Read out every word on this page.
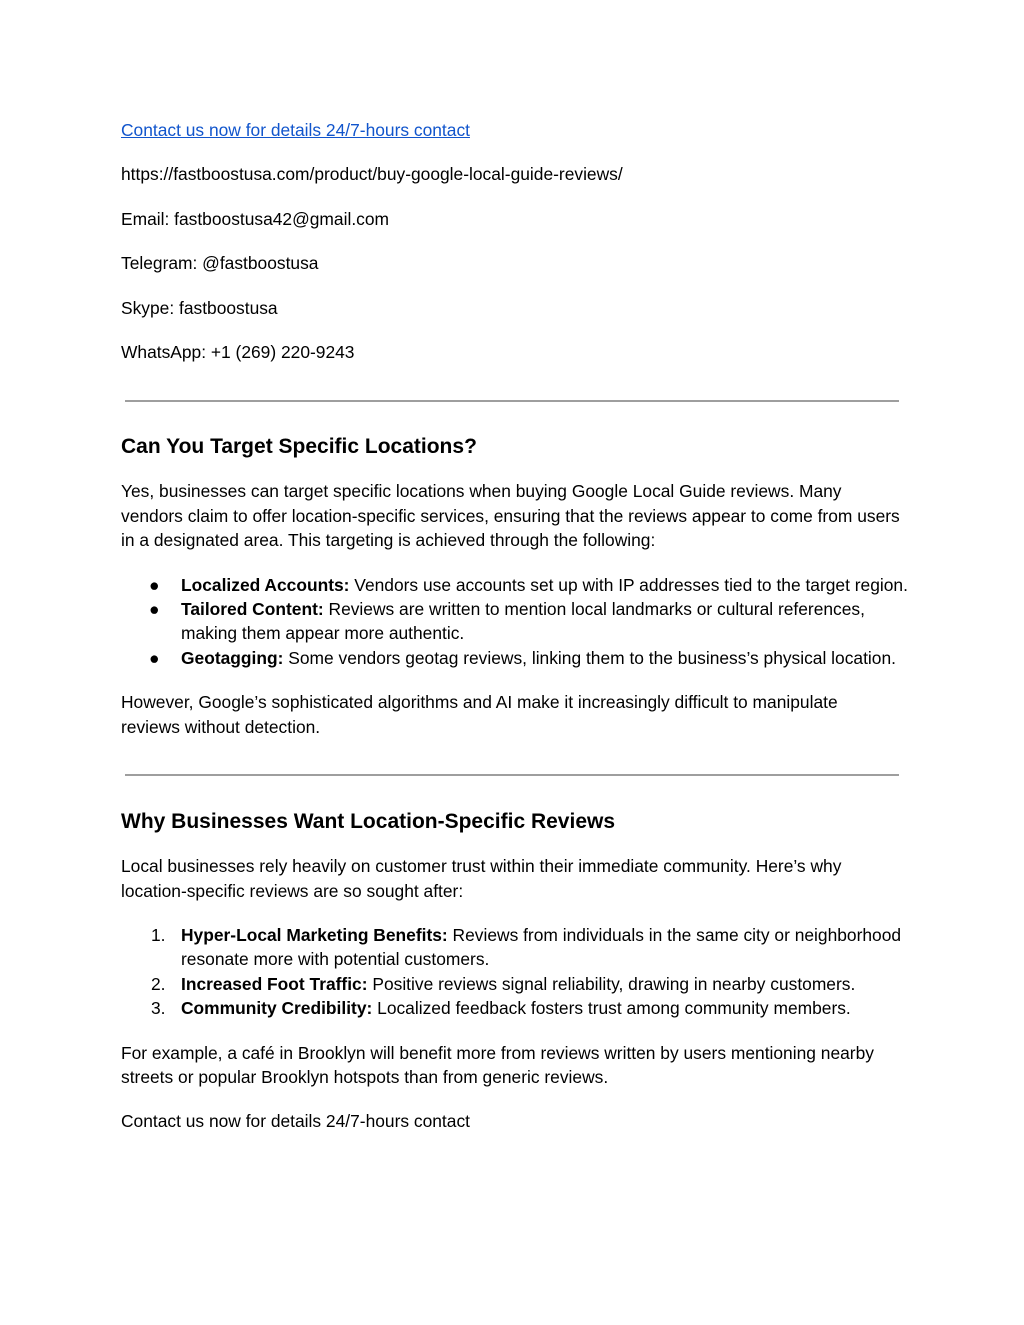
Contact us now for details 24/7-hours contact

https://fastboostusa.com/product/buy-google-local-guide-reviews/

Email: fastboostusa42@gmail.com

Telegram: @fastboostusa

Skype: fastboostusa

WhatsApp: +1 (269) 220-9243

Can You Target Specific Locations?

Yes, businesses can target specific locations when buying Google Local Guide reviews. Many vendors claim to offer location-specific services, ensuring that the reviews appear to come from users in a designated area. This targeting is achieved through the following:

● Localized Accounts: Vendors use accounts set up with IP addresses tied to the target region.
● Tailored Content: Reviews are written to mention local landmarks or cultural references, making them appear more authentic.
● Geotagging: Some vendors geotag reviews, linking them to the business’s physical location.

However, Google’s sophisticated algorithms and AI make it increasingly difficult to manipulate reviews without detection.

Why Businesses Want Location-Specific Reviews

Local businesses rely heavily on customer trust within their immediate community. Here’s why location-specific reviews are so sought after:

1. Hyper-Local Marketing Benefits: Reviews from individuals in the same city or neighborhood resonate more with potential customers.
2. Increased Foot Traffic: Positive reviews signal reliability, drawing in nearby customers.
3. Community Credibility: Localized feedback fosters trust among community members.

For example, a café in Brooklyn will benefit more from reviews written by users mentioning nearby streets or popular Brooklyn hotspots than from generic reviews.

Contact us now for details 24/7-hours contact
